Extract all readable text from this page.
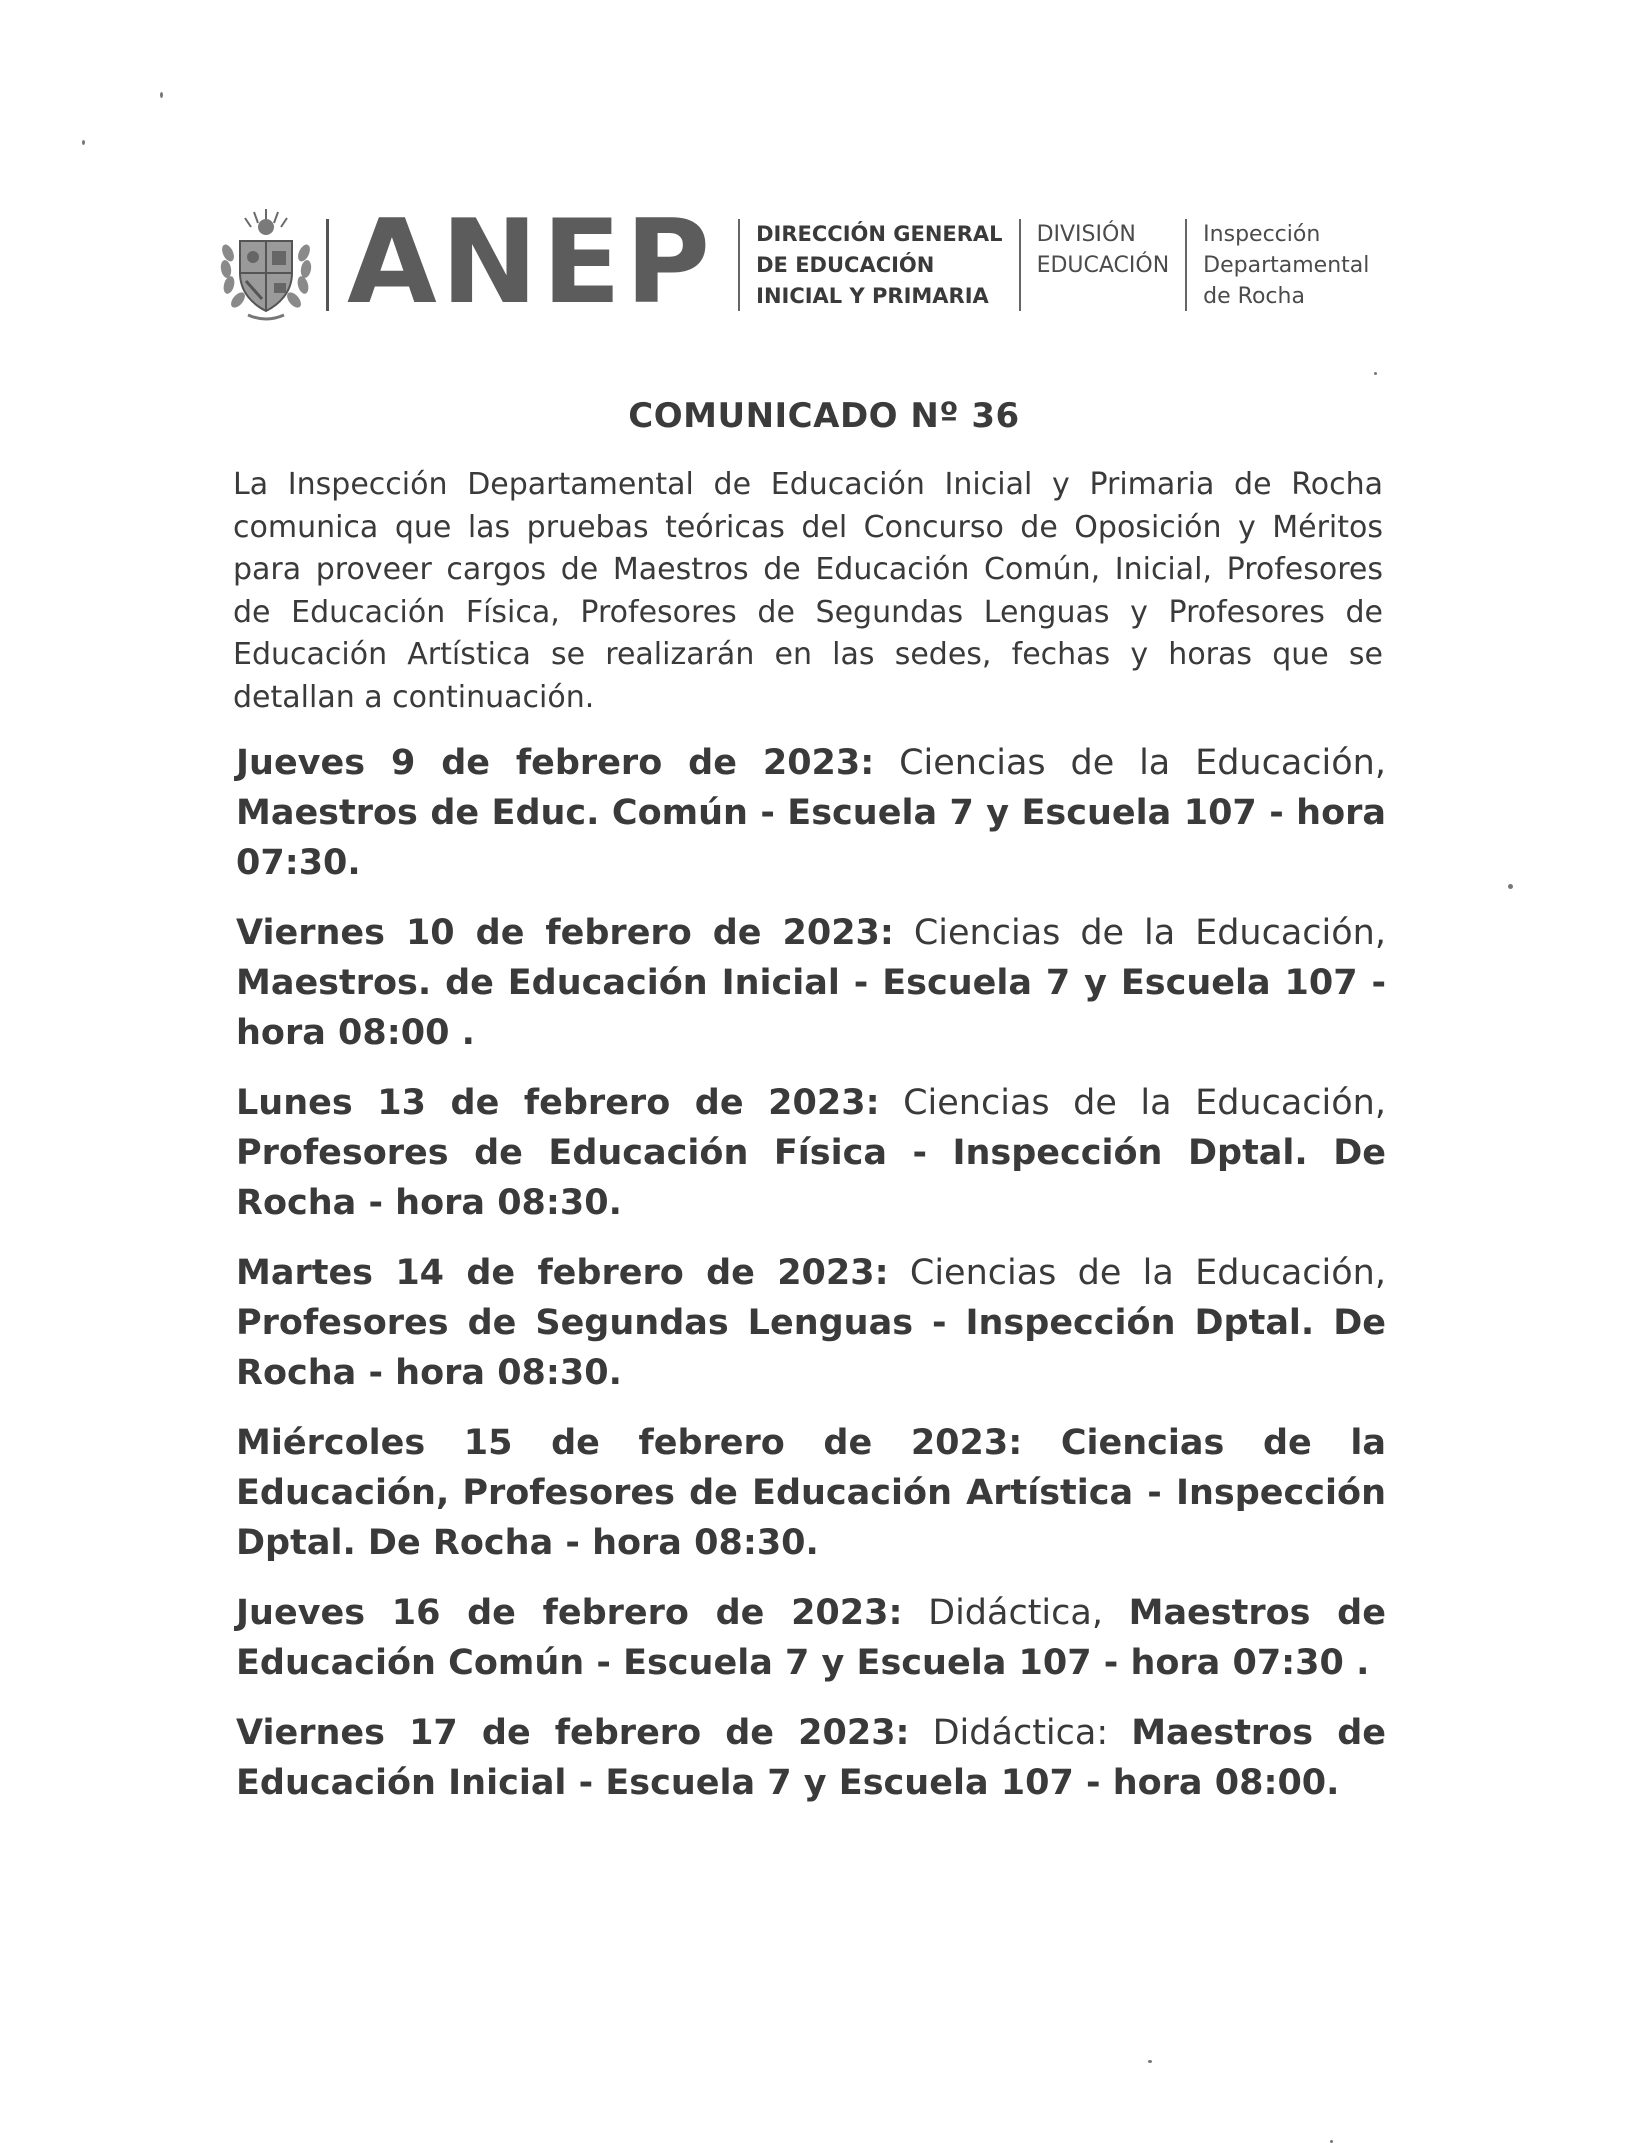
ANEP DIRECCIÓN GENERAL
DE EDUCACIÓN
INICIAL Y PRIMARIA
DIVISIÓN
EDUCACIÓN
Inspección
Departamental
de Rocha
COMUNICADO Nº 36

La Inspección Departamental de Educación Inicial y Primaria de Rocha comunica que las pruebas teóricas del Concurso de Oposición y Méritos para proveer cargos de Maestros de Educación Común, Inicial, Profesores de Educación Física, Profesores de Segundas Lenguas y Profesores de Educación Artística se realizarán en las sedes, fechas y horas que se detallan a continuación.

Jueves 9 de febrero de 2023: Ciencias de la Educación, Maestros de Educ. Común - Escuela 7 y Escuela 107 - hora 07:30.
Viernes 10 de febrero de 2023: Ciencias de la Educación, Maestros. de Educación Inicial - Escuela 7 y Escuela 107 - hora 08:00 .
Lunes 13 de febrero de 2023: Ciencias de la Educación, Profesores de Educación Física - Inspección Dptal. De Rocha - hora 08:30.
Martes 14 de febrero de 2023: Ciencias de la Educación, Profesores de Segundas Lenguas - Inspección Dptal. De Rocha - hora 08:30.
Miércoles 15 de febrero de 2023: Ciencias de la Educación, Profesores de Educación Artística - Inspección Dptal. De Rocha - hora 08:30.
Jueves 16 de febrero de 2023: Didáctica, Maestros de Educación Común - Escuela 7 y Escuela 107 - hora 07:30 .
Viernes 17 de febrero de 2023: Didáctica: Maestros de Educación Inicial - Escuela 7 y Escuela 107 - hora 08:00.
